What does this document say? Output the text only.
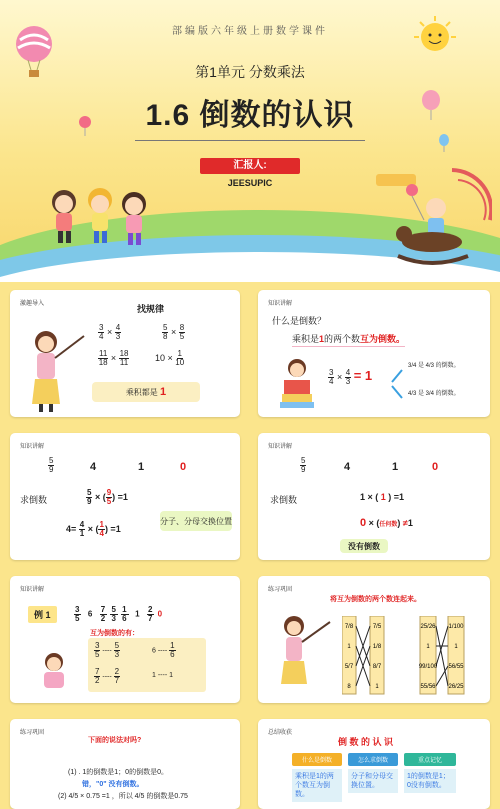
部编版六年级上册数学课件
第1单元 分数乘法
1.6 倒数的认识
汇报人:
JEESUPIC
激趣导入	找规律
$\frac{3}{4} \times \frac{4}{3}$	$\frac{5}{8} \times \frac{8}{5}$
$\frac{11}{18} \times \frac{18}{11}$	$10 \times \frac{1}{10}$
乘积都是 1
知识讲解
什么是倒数？
乘积是1的两个数互为倒数。
$\frac{3}{4} \times \frac{4}{3} = 1$
3/4 是 4/3 的倒数。
4/3 是 3/4 的倒数。
知识讲解
$\frac{5}{9}$	4	1	0
求倒数	$\frac{5}{9}$ × ( $\frac{9}{5}$ ) =1
$4= \frac{4}{1}$ × ( $\frac{1}{4}$ ) =1
分子、分母交换位置
知识讲解
$\frac{5}{9}$	4	1	0
求倒数	1 × ( 1 ) =1
0 × (任何数) ≠1
没有倒数
知识讲解
例 1	$\frac{3}{5} 6 \frac{7}{2}$
$\frac{5}{3}$
$\frac{1}{6} 1 \frac{2}{7} 0$
互为倒数的有：
$\frac{3}{5}$ ---- $\frac{5}{3}$	6 ---- $\frac{1}{6}$
$\frac{7}{2}$ ---- $\frac{2}{7}$	1 ---- 1
练习巩固
将互为倒数的两个数连起来。
7/8
1
5/7
8
7/5
1/8
8/7
1
25/26
1
99/100
55/56
1/100
1
56/55
26/25
练习巩固
下面的说法对吗?
(1) . 1的倒数是1；0的倒数是0。
错，"0" 没有倒数。
(2) 4/5 × 0.75 =1 ，所以 4/5 的倒数是0.75
总结收获
倒 数 的 认 识
什么是倒数
乘积是1的两个数互为倒数。
怎么求倒数
分子和分母交换位置。
重点记忆
1的倒数是1；0没有倒数。
